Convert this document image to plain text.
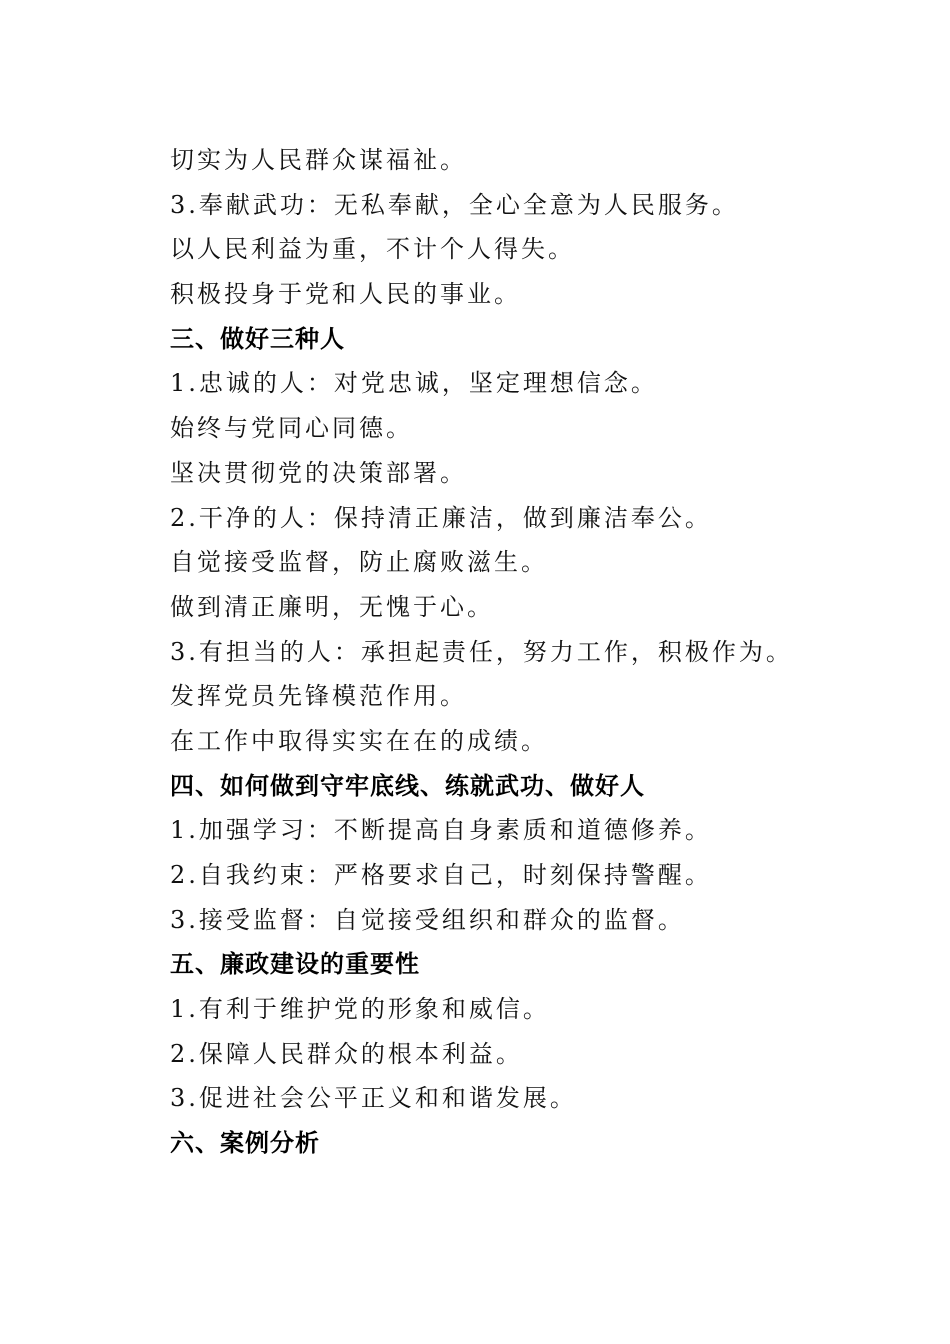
切实为人民群众谋福祉。
3.奉献武功：无私奉献，全心全意为人民服务。
以人民利益为重，不计个人得失。
积极投身于党和人民的事业。
三、做好三种人
1.忠诚的人：对党忠诚，坚定理想信念。
始终与党同心同德。
坚决贯彻党的决策部署。
2.干净的人：保持清正廉洁，做到廉洁奉公。
自觉接受监督，防止腐败滋生。
做到清正廉明，无愧于心。
3.有担当的人：承担起责任，努力工作，积极作为。
发挥党员先锋模范作用。
在工作中取得实实在在的成绩。
四、如何做到守牢底线、练就武功、做好人
1.加强学习：不断提高自身素质和道德修养。
2.自我约束：严格要求自己，时刻保持警醒。
3.接受监督：自觉接受组织和群众的监督。
五、廉政建设的重要性
1.有利于维护党的形象和威信。
2.保障人民群众的根本利益。
3.促进社会公平正义和和谐发展。
六、案例分析
